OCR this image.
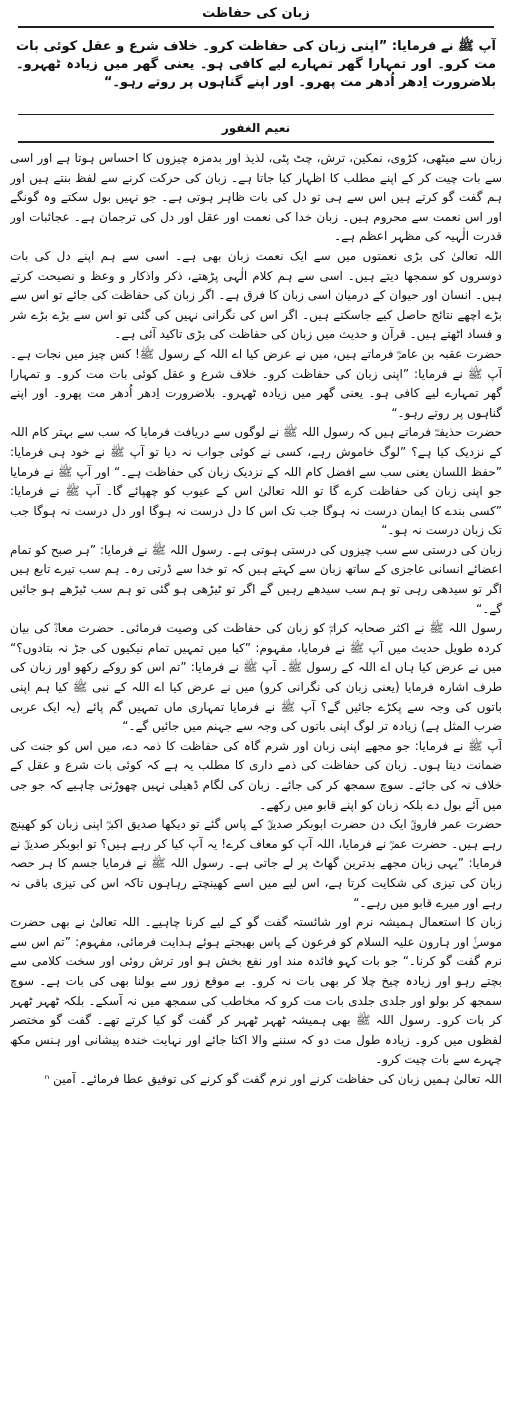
زبان کی حفاظت
آپ ﷺ نے فرمایا: ”اپنی زبان کی حفاظت کرو۔ خلاف شرع و عقل کوئی بات مت کرو۔ اور تمہارا گھر تمہارے لیے کافی ہو۔ یعنی گھر میں زیادہ ٹھہرو۔ بلاضرورت اِدھر اُدھر مت پھرو۔ اور اپنے گناہوں پر روتے رہو۔“
نعیم الغفور

زبان سے میٹھی، کڑوی، نمکین، ترش، چٹ پٹی، لذیذ اور بدمزہ چیزوں کا احساس ہوتا ہے اور اسی سے بات چیت کر کے اپنے مطلب کا اظہار کیا جاتا ہے۔ زبان کی حرکت کرنے سے لفظ بنتے ہیں اور ہم گفت گو کرتے ہیں اس سے ہی تو دل کی بات ظاہر ہوتی ہے۔ جو نہیں بول سکتے وہ گونگے اور اس نعمت سے محروم ہیں۔ زبان خدا کی نعمت اور عقل اور دل کی ترجمان ہے۔ عجائبات اور قدرت الٰہیہ کی مظہر اعظم ہے۔

اللہ تعالیٰ کی بڑی نعمتوں میں سے ایک نعمت زبان بھی ہے۔ اسی سے ہم اپنے دل کی بات دوسروں کو سمجھا دیتے ہیں۔ اسی سے ہم کلام الٰہی پڑھتے، ذکر واذکار و وعظ و نصیحت کرتے ہیں۔ انسان اور حیوان کے درمیان اسی زبان کا فرق ہے۔ اگر زبان کی حفاظت کی جائے تو اس سے بڑے اچھے نتائج حاصل کیے جاسکتے ہیں۔ اگر اس کی نگرانی نہیں کی گئی تو اس سے بڑے بڑے شر و فساد اٹھتے ہیں۔ قرآن و حدیث میں زبان کی حفاظت کی بڑی تاکید آئی ہے۔

حضرت عقبہ بن عامرؓ فرماتے ہیں، میں نے عرض کیا اے اللہ کے رسول ﷺ! کس چیز میں نجات ہے۔ آپ ﷺ نے فرمایا: ”اپنی زبان کی حفاظت کرو۔ خلاف شرع و عقل کوئی بات مت کرو۔ و تمہارا گھر تمہارے لیے کافی ہو۔ یعنی گھر میں زیادہ ٹھہرو۔ بلاضرورت اِدھر اُدھر مت پھرو۔ اور اپنے گناہوں پر روتے رہو۔“

حضرت حذیفہؓ فرماتے ہیں کہ رسول اللہ ﷺ نے لوگوں سے دریافت فرمایا کہ سب سے بہتر کام اللہ کے نزدیک کیا ہے؟ ”لوگ خاموش رہے، کسی نے کوئی جواب نہ دیا تو آپ ﷺ نے خود ہی فرمایا: ”حفظ اللسان یعنی سب سے افضل کام اللہ کے نزدیک زبان کی حفاظت ہے۔“ اور آپ ﷺ نے فرمایا جو اپنی زبان کی حفاظت کرے گا تو اللہ تعالیٰ اس کے عیوب کو چھپائے گا۔ آپ ﷺ نے فرمایا: ”کسی بندے کا ایمان درست نہ ہوگا جب تک اس کا دل درست نہ ہوگا اور دل درست نہ ہوگا جب تک زبان درست نہ ہو۔“

زبان کی درستی سے سب چیزوں کی درستی ہوتی ہے۔ رسول اللہ ﷺ نے فرمایا: ”ہر صبح کو تمام اعضائے انسانی عاجزی کے ساتھ زبان سے کہتے ہیں کہ تو خدا سے ڈرتی رہ۔ ہم سب تیرے تابع ہیں اگر تو سیدھی رہی تو ہم سب سیدھے رہیں گے اگر تو ٹیڑھی ہو گئی تو ہم سب ٹیڑھے ہو جائیں گے۔“

رسول اللہ ﷺ نے اکثر صحابہ کرامؓ کو زبان کی حفاظت کی وصیت فرمائی۔ حضرت معاذؓ کی بیان کردہ طویل حدیث میں آپ ﷺ نے فرمایا، مفہوم: ”کیا میں تمہیں تمام نیکیوں کی جڑ نہ بتادوں؟“ میں نے عرض کیا ہاں اے اللہ کے رسول ﷺ۔ آپ ﷺ نے فرمایا: ”تم اس کو روکے رکھو اور زبان کی طرف اشارہ فرمایا (یعنی زبان کی نگرانی کرو) میں نے عرض کیا اے اللہ کے نبی ﷺ کیا ہم اپنی باتوں کی وجہ سے پکڑے جائیں گے؟ آپ ﷺ نے فرمایا تمہاری ماں تمہیں گم پائے (یہ ایک عربی ضرب المثل ہے) زیادہ تر لوگ اپنی باتوں کی وجہ سے جہنم میں جائیں گے۔“

آپ ﷺ نے فرمایا: جو مجھے اپنی زبان اور شرم گاہ کی حفاظت کا ذمہ دے، میں اس کو جنت کی ضمانت دیتا ہوں۔ زبان کی حفاظت کی ذمے داری کا مطلب یہ ہے کہ کوئی بات شرع و عقل کے خلاف نہ کی جائے۔ سوچ سمجھ کر کی جائے۔ زبان کی لگام ڈھیلی نہیں چھوڑنی چاہیے کہ جو جی میں آئے بول دے بلکہ زبان کو اپنے قابو میں رکھے۔

حضرت عمر فاروقؓ ایک دن حضرت ابوبکر صدیقؓ کے پاس گئے تو دیکھا صدیق اکبرؓ اپنی زبان کو کھینچ رہے ہیں۔ حضرت عمرؓ نے فرمایا، اللہ آپ کو معاف کرے! یہ آپ کیا کر رہے ہیں؟ تو ابوبکر صدیقؓ نے فرمایا: ”یہی زبان مجھے بدترین گھاٹ پر لے جاتی ہے۔ رسول اللہ ﷺ نے فرمایا جسم کا ہر حصہ زبان کی تیزی کی شکایت کرتا ہے، اس لیے میں اسے کھینچتے رہاہوں تاکہ اس کی تیزی باقی نہ رہے اور میرے قابو میں رہے۔“

زبان کا استعمال ہمیشہ نرم اور شائستہ گفت گو کے لیے کرنا چاہیے۔ اللہ تعالیٰ نے بھی حضرت موسیٰؑ اور ہارون علیہ السلام کو فرعون کے پاس بھیجتے ہوئے ہدایت فرمائی، مفہوم: ”تم اس سے نرم گفت گو کرنا۔“ جو بات کہو فائدہ مند اور نفع بخش ہو اور ترش روئی اور سخت کلامی سے بچتے رہو اور زیادہ چیخ چلا کر بھی بات نہ کرو۔ بے موقع زور سے بولنا بھی کی بات ہے۔ سوچ سمجھ کر بولو اور جلدی جلدی بات مت کرو کہ مخاطب کی سمجھ میں نہ آسکے۔ بلکہ ٹھہر ٹھہر کر بات کرو۔ رسول اللہ ﷺ بھی ہمیشہ ٹھہر ٹھہر کر گفت گو کیا کرتے تھے۔ گفت گو مختصر لفظوں میں کرو۔ زیادہ طول مت دو کہ سننے والا اکتا جائے اور نہایت خندہ پیشانی اور ہنس مکھ چہرے سے بات چیت کرو۔

اللہ تعالیٰ ہمیں زبان کی حفاظت کرنے اور نرم گفت گو کرنے کی توفیق عطا فرمائے۔ آمین ⁿ
